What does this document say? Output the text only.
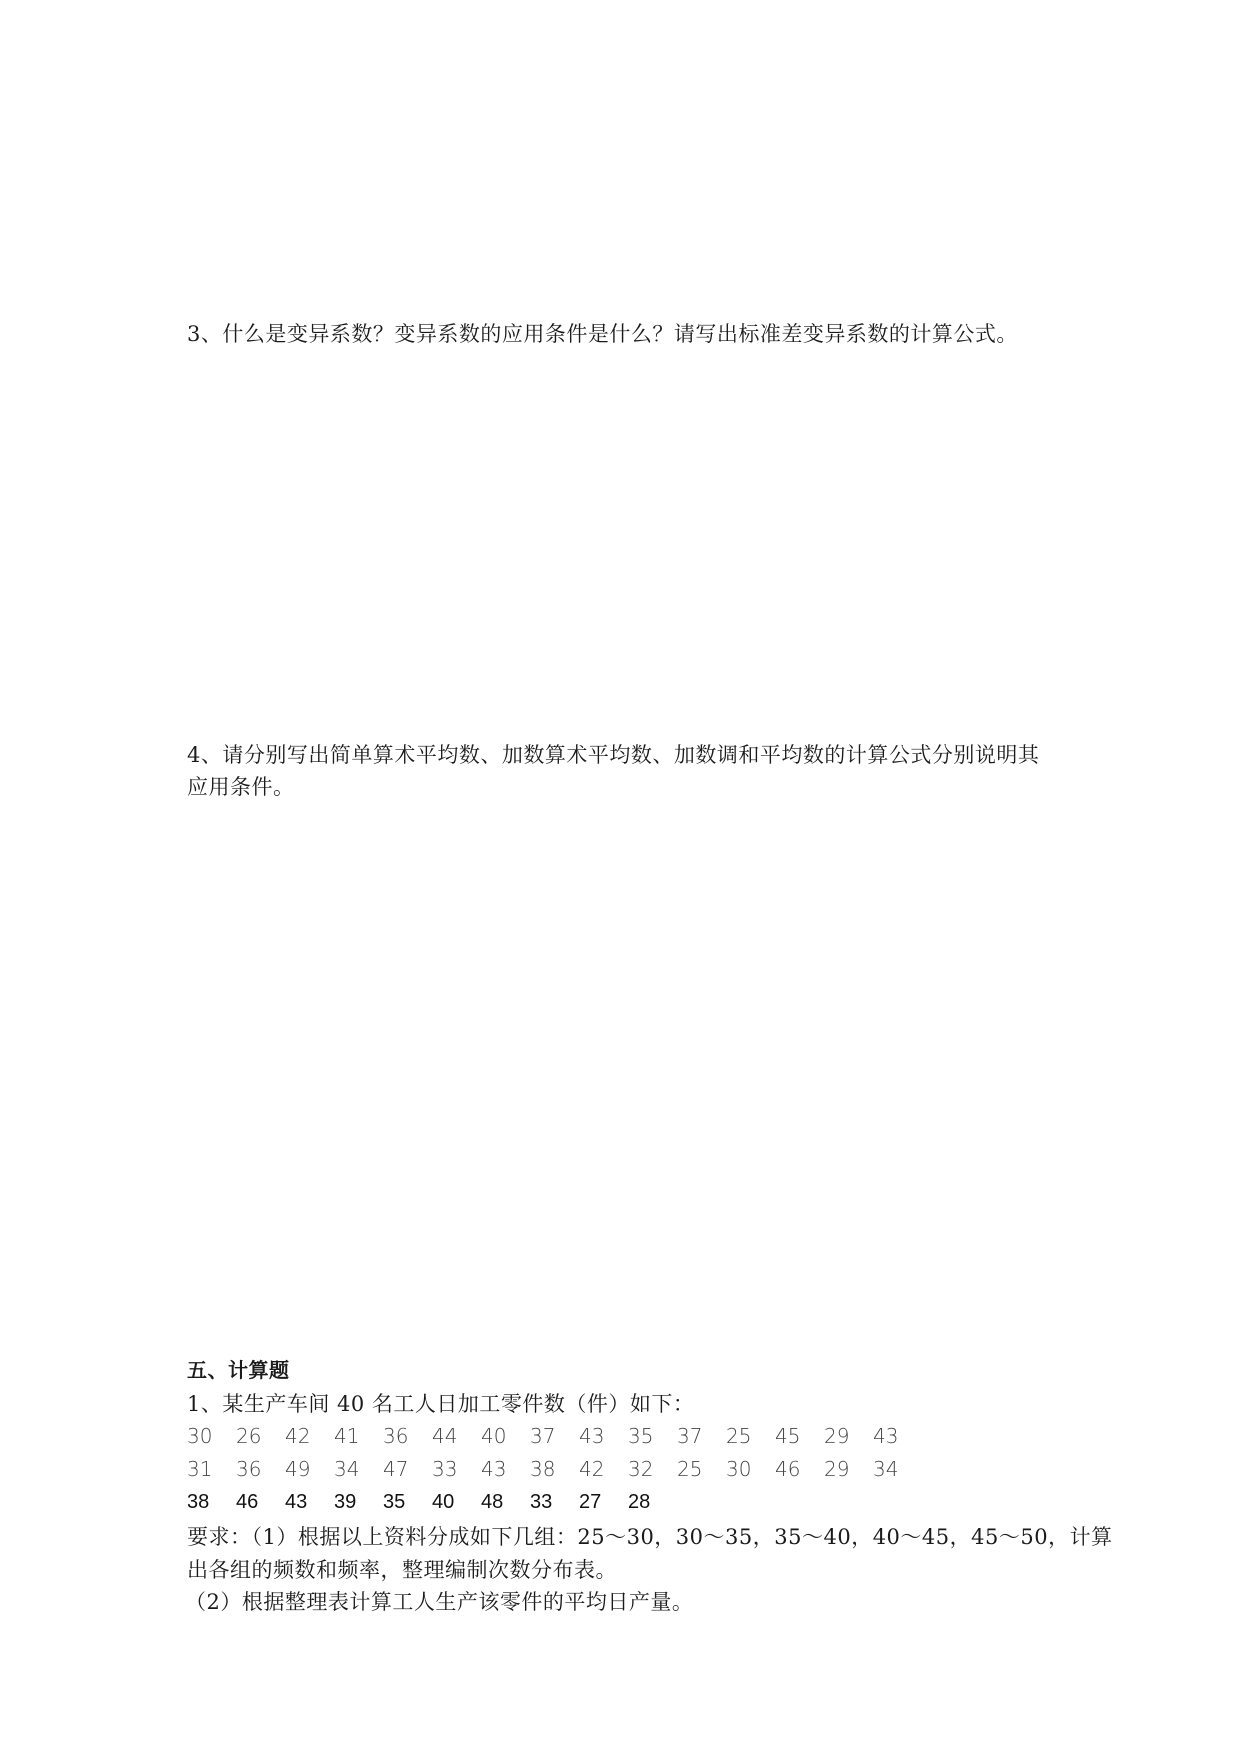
3、什么是变异系数？变异系数的应用条件是什么？请写出标准差变异系数的计算公式。
4、请分别写出简单算术平均数、加数算术平均数、加数调和平均数的计算公式分别说明其
应用条件。
五、计算题
1、某生产车间 40 名工人日加工零件数（件）如下：
30 26 42 41 36 44 40 37 43 35 37 25 45 29 43
31 36 49 34 47 33 43 38 42 32 25 30 46 29 34
38 46 43 39 35 40 48 33 27 28
要求：（1）根据以上资料分成如下几组：25～30，30～35，35～40，40～45，45～50，计算
出各组的频数和频率，整理编制次数分布表。
（2）根据整理表计算工人生产该零件的平均日产量。
